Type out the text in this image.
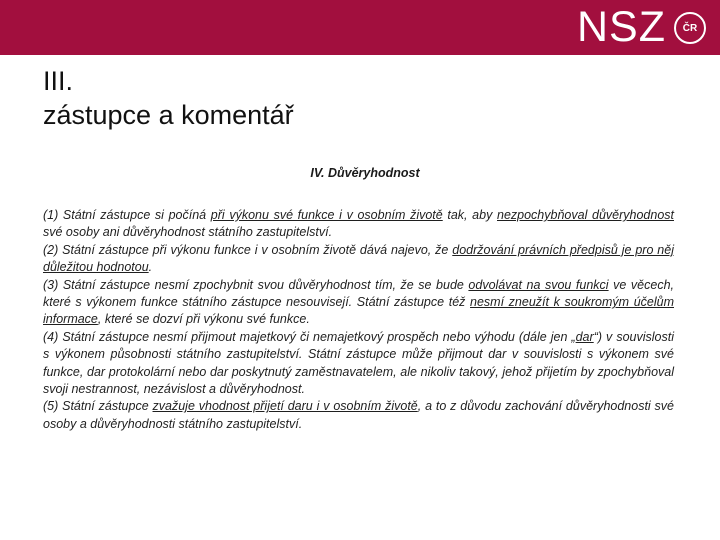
NSZ	ČR
III.
zástupce a komentář
IV. Důvěryhodnost

(1) Státní zástupce si počíná při výkonu své funkce i v osobním životě tak, aby nezpochybňoval důvěryhodnost své osoby ani důvěryhodnost státního zastupitelství.

(2) Státní zástupce při výkonu funkce i v osobním životě dává najevo, že dodržování právních předpisů je pro něj důležitou hodnotou.

(3) Státní zástupce nesmí zpochybnit svou důvěryhodnost tím, že se bude odvolávat na svou funkci ve věcech, které s výkonem funkce státního zástupce nesouvisejí. Státní zástupce též nesmí zneužít k soukromým účelům informace, které se dozví při výkonu své funkce.

(4) Státní zástupce nesmí přijmout majetkový či nemajetkový prospěch nebo výhodu (dále jen „dar“) v souvislosti s výkonem působnosti státního zastupitelství. Státní zástupce může přijmout dar v souvislosti s výkonem své funkce, dar protokolární nebo dar poskytnutý zaměstnavatelem, ale nikoliv takový, jehož přijetím by zpochybňoval svoji nestrannost, nezávislost a důvěryhodnost.

(5) Státní zástupce zvažuje vhodnost přijetí daru i v osobním životě, a to z důvodu zachování důvěryhodnosti své osoby a důvěryhodnosti státního zastupitelství.
